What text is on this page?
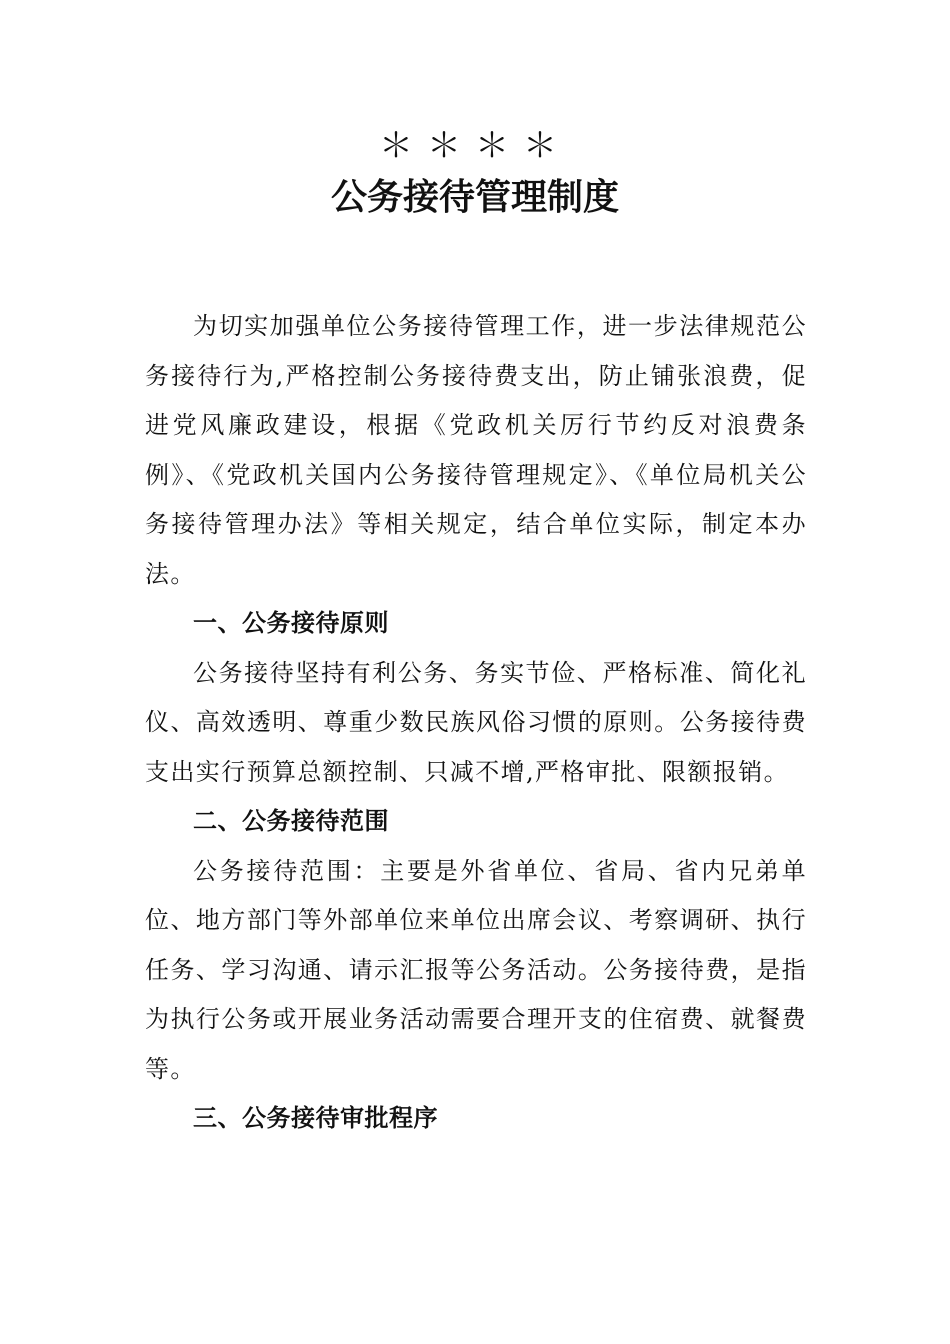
＊＊＊＊
公务接待管理制度

为切实加强单位公务接待管理工作，进一步法律规范公务接待行为,严格控制公务接待费支出，防止铺张浪费，促进党风廉政建设，根据《党政机关厉行节约反对浪费条例》、《党政机关国内公务接待管理规定》、《单位局机关公务接待管理办法》等相关规定，结合单位实际，制定本办法。

一、公务接待原则

公务接待坚持有利公务、务实节俭、严格标准、简化礼仪、高效透明、尊重少数民族风俗习惯的原则。公务接待费支出实行预算总额控制、只减不增,严格审批、限额报销。

二、公务接待范围

公务接待范围：主要是外省单位、省局、省内兄弟单位、地方部门等外部单位来单位出席会议、考察调研、执行任务、学习沟通、请示汇报等公务活动。公务接待费，是指为执行公务或开展业务活动需要合理开支的住宿费、就餐费等。

三、公务接待审批程序
